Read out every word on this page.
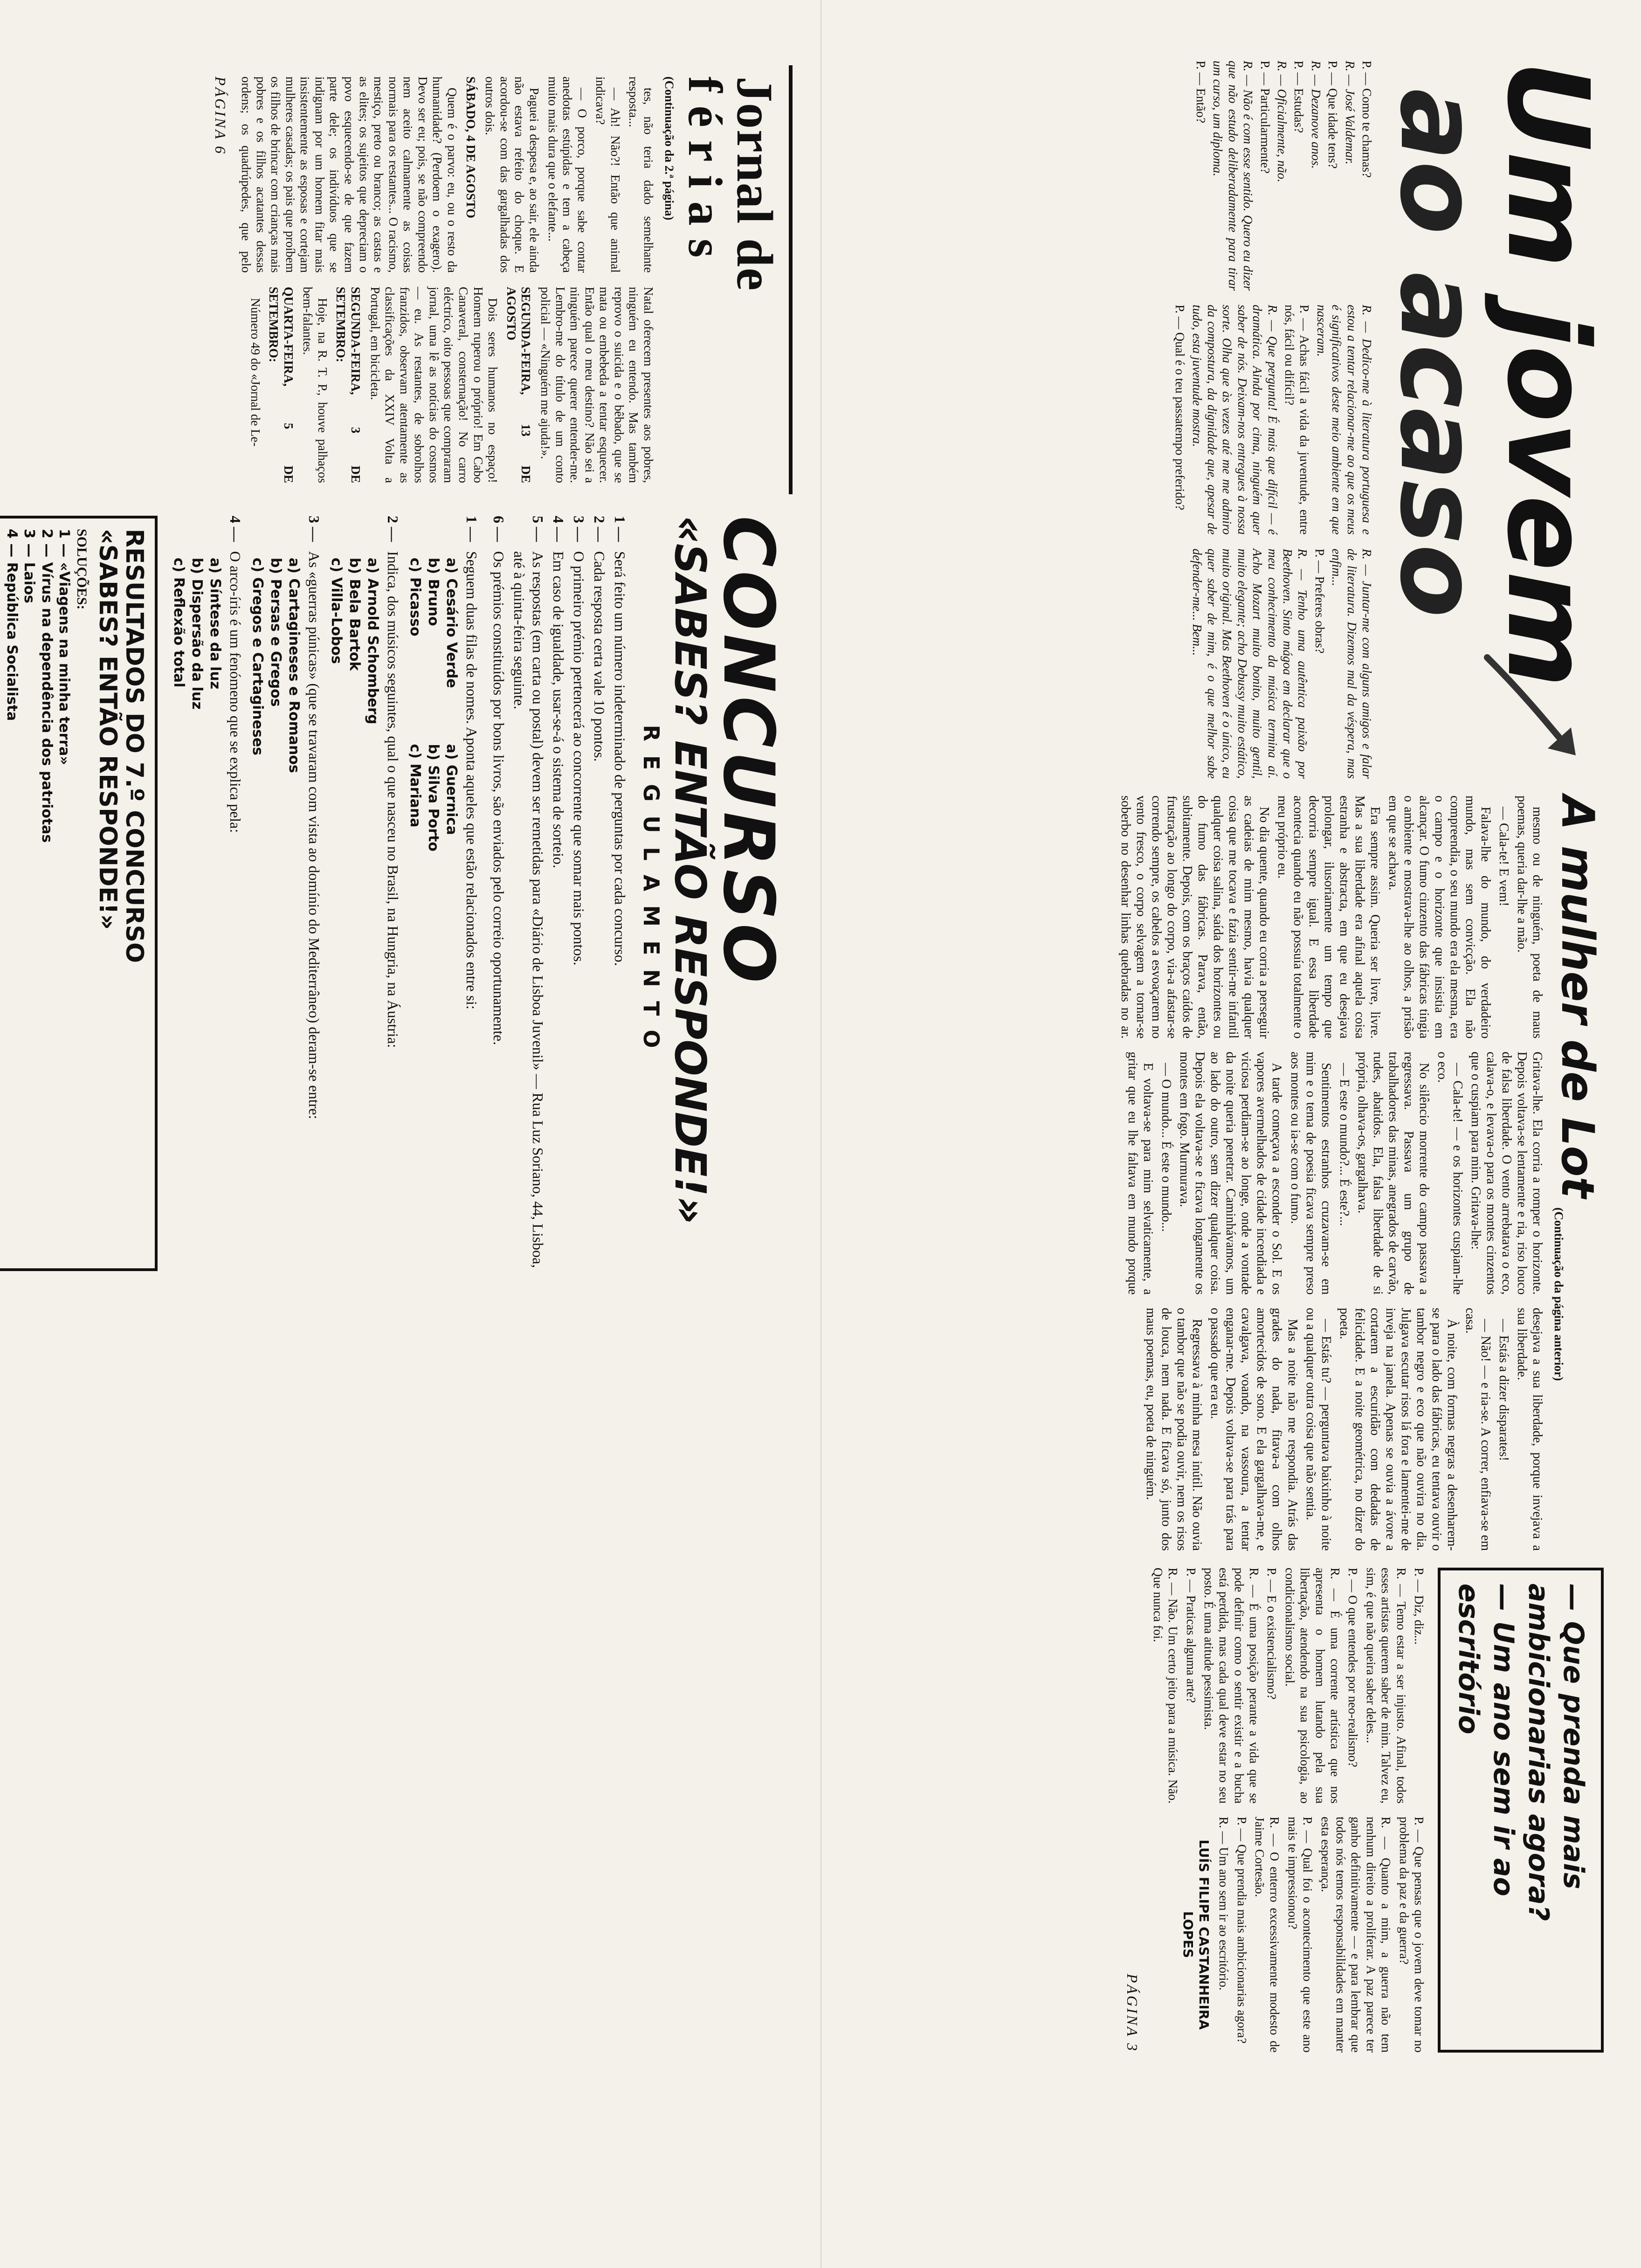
Jornal de
férias
(Continuação da 2.ª página)

tes, não teria dado semelhante resposta...

— Ah! Não?! Então que animal indicava?

— O porco, porque sabe contar anedotas estúpidas e tem a cabeça muito mais dura que o elefante...

Paguei a despesa e, ao sair, ele ainda não estava refeito do choque. E acordou-se com das gargalhadas dos outros dois.

SÁBADO, 4 DE AGOSTO

Quem é o parvo: eu, ou o resto da humanidade? (Perdoem o exagero). Devo ser eu; pois, se não compreendo nem aceito calmamente as coisas normais para os restantes... O racismo, mestiço, preto ou branco; as castas e as elites; os sujeitos que depreciam o povo esquecendo-se de que fazem parte dele; os indivíduos que se indignam por um homem fitar mais insistentemente as esposas e cortejam mulheres casadas; os pais que proíbem os filhos de brincar com crianças mais pobres e os filhos acatantes dessas ordens; os quadrúpedes, que pelo Natal oferecem presentes aos pobres, ninguém eu entendo. Mas também reprovo o suicida e o bêbado, que se mata ou embebeda a tentar esquecer. Então qual o meu destino? Não sei a ninguém parece querer entender-me. Lembro-me do título de um conto policial — «Ninguém me ajuda!».

SEGUNDA-FEIRA, 13 DE AGOSTO

Dois seres humanos no espaço! Homem ruperou o próprio! Em Cabo Canaveral, consternação! No carro eléctrico, oito pessoas que compraram jornal, uma lê as notícias do cosmos — eu. As restantes, de sobrolhos franzidos, observam atentamente as classificações da XXIV Volta a Portugal, em bicicleta.

SEGUNDA-FEIRA, 3 DE SETEMBRO:

Hoje, na R. T. P., houve palhaços bem-falantes.

QUARTA-FEIRA, 5 DE SETEMBRO:

Número 49 do «Jornal de Le-

PÁGINA 6
CONCURSO
«SABES? ENTÃO RESPONDE!»
REGULAMENTO
1 —
Será feito um número indeterminado de perguntas por cada concurso.
2 —
Cada resposta certa vale 10 pontos.
3 —
O primeiro prémio pertencerá ao concorrente que somar mais pontos.
4 —
Em caso de igualdade, usar-se-á o sistema de sorteio.
5 —
As respostas (em carta ou postal) devem ser remetidas para «Diário de Lisboa Juvenil» — Rua Luz Soriano, 44, Lisboa, até à quinta-feira seguinte.
6 —
Os prémios constituídos por bons livros, são enviados pelo correio oportunamente.
1 —
Seguem duas filas de nomes. Aponta aqueles que estão relacionados entre si:
a) Cesário Verde
b) Bruno
c) Picasso
a) Guernica
b) Silva Porto
c) Mariana
2 —
Indica, dos músicos seguintes, qual o que nasceu no Brasil, na Hungria, na Áustria:
a) Arnold Schomberg
b) Bela Bartok
c) Villa-Lobos
3 —
As «guerras púnicas» (que se travaram com vista ao domínio do Mediterrâneo) deram-se entre:
a) Cartagineses e Romanos
b) Persas e Gregos
c) Gregos e Cartagineses
4 —
O arco-íris é um fenómeno que se explica pela:
a) Síntese da luz
b) Dispersão da luz
c) Reflexão total
RESULTADOS DO 7.º CONCURSO
«SABES? ENTÃO RESPONDE!»
SOLUÇÕES:
1 — «Viagens na minha terra»
2 — Vírus na dependência dos patriotas
3 — Laios
4 — República Socialista	Um jovem
ao acaso

P. — Como te chamas?

R. — José Valdemar.

P. — Que idade tens?

R. — Dezanove anos.

P. — Estudas?

R. — Oficialmente, não.

P. — Particularmente?

R. — Não é com esse sentido. Quero eu dizer que não estudo deliberadamente para tirar um curso, um diploma.

P. — Então?

R. — Dedico-me à literatura portuguesa e estou a tentar relacionar-me ao que os meus é significativos deste meio ambiente em que nasceram.

P. — Achas fácil a vida da juventude, entre nós, fácil ou difícil?

R. — Que pergunta! É mais que difícil — é dramática. Ainda por cima, ninguém quer saber de nós. Deixam-nos entregues à nossa sorte. Olha que às vezes até me me admiro da compostura, da dignidade que, apesar de tudo, esta juventude mostra.

P. — Qual é o teu passatempo preferido?

R. — Juntar-me com alguns amigos e falar de literatura. Dizemos mal da véspera, mas enfim...

P. — Preferes obras?

R. — Tenho uma autêntica paixão por Beethoven. Sinto mágoa em declarar que o meu conhecimento da música termina aí. Acho Mozart muito bonito, muito gentil, muito elegante; acho Debussy muito estático, muito original. Mas Beethoven é o único, eu quer saber de mim, é o que melhor sabe defender-me... Bem...

A mulher de Lot
(Continuação da página anterior)

mesmo ou de ninguém, poeta de maus poemas, queria dar-lhe a mão.

— Cala-te! E vem!

Falava-lhe do mundo, do verdadeiro mundo, mas sem convicção. Ela não compreendia, o seu mundo era ela mesma, era o campo e o horizonte que insistia em alcançar. O fumo cinzento das fábricas tingia o ambiente e mostrava-lhe ao olhos, a prisão em que se achava.

Era sempre assim. Queria ser livre, livre. Mas a sua liberdade era afinal aquela coisa estranha e abstracta, em que eu desejava prolongar, ilusoriamente um tempo que decorria sempre igual. E essa liberdade acontecia quando eu não possuía totalmente o meu próprio eu.

No dia quente, quando eu corria a perseguir as cadeias de mim mesmo, havia qualquer coisa que me tocava e fazia sentir-me infantil qualquer coisa salina, saída dos horizontes ou do fumo das fábricas. Parava, então, subitamente. Depois, com os braços caídos de frustração ao longo do corpo, via-a afastar-se correndo sempre, os cabelos a esvoaçarem no vento fresco, o corpo selvagem a tornar-se soberbo no desenhar linhas quebradas no ar. Gritava-lhe. Ela corria a romper o horizonte. Depois voltava-se lentamente e ria, riso louco de falsa liberdade. O vento arrebatava o eco, calava-o, e levava-o para os montes cinzentos que o cuspiam para mim. Gritava-lhe:

— Cala-te! — e os horizontes cuspiam-lhe o eco.

No silêncio morrente do campo passava a regressava. Passava um grupo de trabalhadores das minas, anegrados de carvão, rudes, abatidos. Ela, falsa liberdade de si própria, olhava-os, gargalhava.

— E este o mundo?... É este?...

Sentimentos estranhos cruzavam-se em mim e o tema de poesia ficava sempre preso aos montes ou ia-se com o fumo.

A tarde começava a esconder o Sol. E os vapores avermelhados de cidade incendiada e viciosa perdiam-se ao longe, onde a vontade da noite queria penetrar. Caminhávamos, um ao lado do outro, sem dizer qualquer coisa. Depois ela voltava-se e ficava longamente os montes em fogo. Murmurava.

— O mundo... É este o mundo...

E voltava-se para mim selvaticamente, a gritar que eu lhe faltava em mundo porque desejava a sua liberdade, porque invejava a sua liberdade.

— Estás a dizer disparates!

— Não! — e ria-se. A correr, enfiava-se em casa.

À noite, com formas negras a desenharem-se para o lado das fábricas, eu tentava ouvir o tambor negro e eco que não ouvira no dia. Julgava escutar risos lá fora e lamentei-me de inveja na janela. Apenas se ouvia a ávore a cortarem a escuridão com dedadas de felicidade. E a noite geométrica, no dizer do poeta.

— Estás tu? — perguntava baixinho à noite ou a qualquer outra coisa que não sentia.

Mas a noite não me respondia. Atrás das grades do nada, fitava-a com olhos amortecidos de sono. E ela gargalhava-me, e cavalgava, voando, na vassoura, a tentar enganar-me. Depois voltava-se para trás para o passado que era eu.

Regressava à minha mesa inútil. Não ouvia o tambor que não se podia ouvir, nem os risos de louca, nem nada. E ficava só, junto dos maus poemas, eu, poeta de ninguém.

— Que prenda mais ambicionarias agora?
— Um ano sem ir ao escritório

P. — Diz, diz...

R. — Temo estar a ser injusto. Afinal, todos esses artistas querem saber de mim. Talvez eu, sim, é que não queira saber deles...

P. — O que entendes por neo-realismo?

R. — É uma corrente artística que nos apresenta o homem lutando pela sua libertação, atendendo na sua psicologia, ao condicionalismo social.

P. — E o existencialismo?

R. — É uma posição perante a vida que se pode definir como o sentir existir e a bucha está perdida, mas cada qual deve estar no seu posto. É uma atitude pessimista.

P. — Praticas alguma arte?

R. — Não. Um certo jeito para a música. Não. Que nunca foi.

P. — Que pensas que o jovem deve tomar no problema da paz e da guerra?

R. — Quanto a mim, a guerra não tem nenhum direito a proliferar. A paz parece ter ganho definitivamente — e para lembrar que todos nós temos responsabilidades em manter esta esperança.

P. — Qual foi o acontecimento que este ano mais te impressionou?

R. — O enterro excessivamente modesto de Jaime Cortesão.

P. — Que prendia mais ambicionarias agora?

R. — Um ano sem ir ao escritório.

LUÍS FILIPE CASTANHEIRA LOPES
PÁGINA 3
